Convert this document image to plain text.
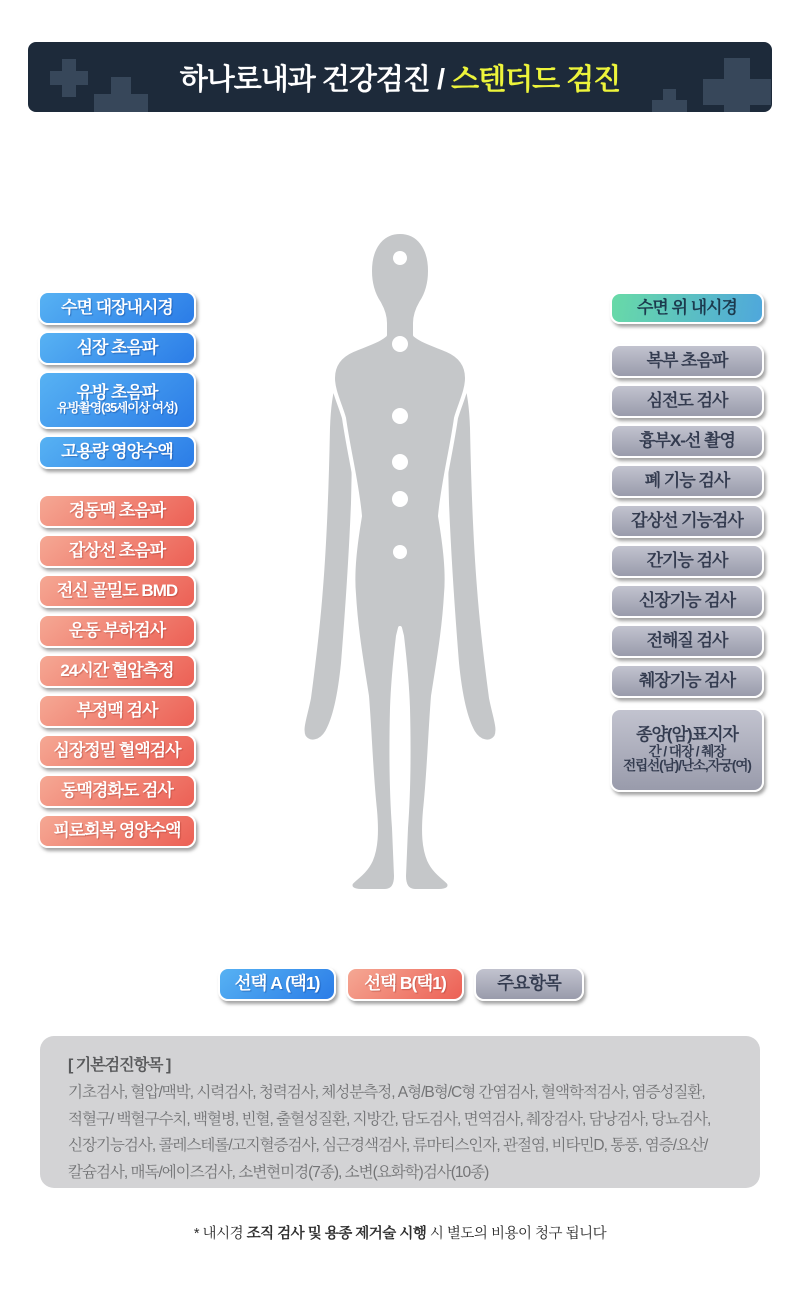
하나로내과 건강검진 / 스텐더드 검진
수면 대장내시경
심장 초음파
유방 초음파
유방촬영(35세이상 여성)
고용량 영양수액
경동맥 초음파
갑상선 초음파
전신 골밀도 BMD
운동 부하검사
24시간 혈압측정
부정맥 검사
심장정밀 혈액검사
동맥경화도 검사
피로회복 영양수액
수면 위 내시경
복부 초음파
심전도 검사
흉부X-선 촬영
폐 기능 검사
갑상선 기능검사
간기능 검사
신장기능 검사
전해질 검사
췌장기능 검사
종양(암)표지자
간 / 대장 / 췌장
전립선(남)/난소,자궁(여)
선택 A (택1)	선택 B(택1)	주요항목
[ 기본검진항목 ]
기초검사, 혈압/맥박, 시력검사, 청력검사, 체성분측정, A형/B형/C형 간염검사, 혈액학적검사, 염증성질환,
적혈구/ 백혈구수치, 백혈병, 빈혈, 출혈성질환, 지방간, 담도검사, 면역검사, 췌장검사, 담낭검사, 당뇨검사,
신장기능검사, 콜레스테롤/고지혈증검사, 심근경색검사, 류마티스인자, 관절염, 비타민D, 통풍, 염증/요산/
칼슘검사, 매독/에이즈검사, 소변현미경(7종), 소변(요화학)검사(10종)
* 내시경 조직 검사 및 용종 제거술 시행 시 별도의 비용이 청구 됩니다
